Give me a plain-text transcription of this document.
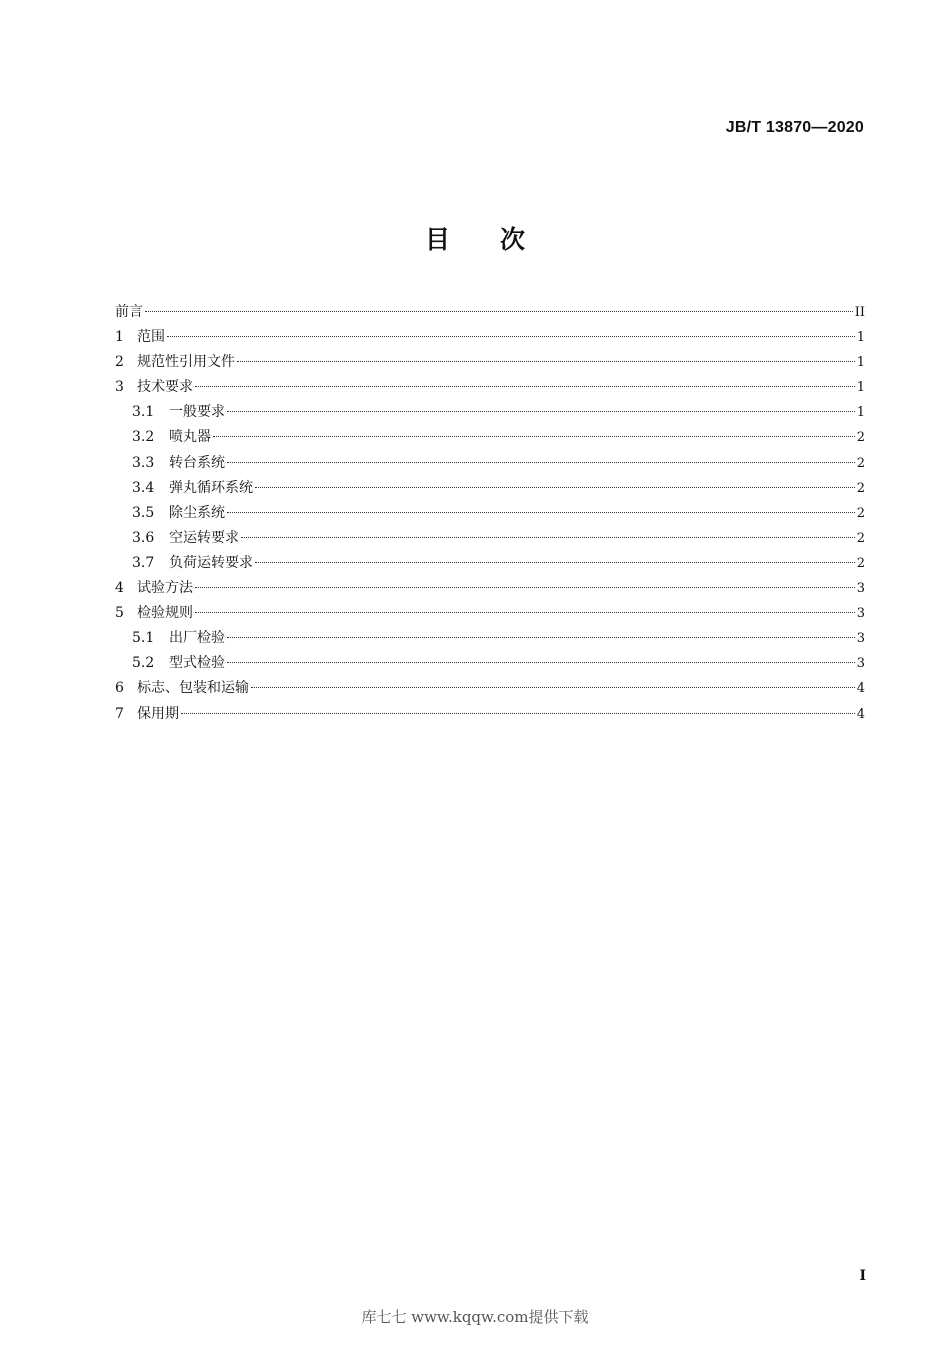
JB/T 13870—2020
目 次
前言	II
1 范围	1
2 规范性引用文件	1
3 技术要求	1
3.1	一般要求	1
3.2	喷丸器	2
3.3	转台系统	2
3.4	弹丸循环系统	2
3.5	除尘系统	2
3.6	空运转要求	2
3.7	负荷运转要求	2
4 试验方法	3
5 检验规则	3
5.1	出厂检验	3
5.2	型式检验	3
6 标志、包装和运输	4
7 保用期	4
I
库七七 www.kqqw.com提供下载
